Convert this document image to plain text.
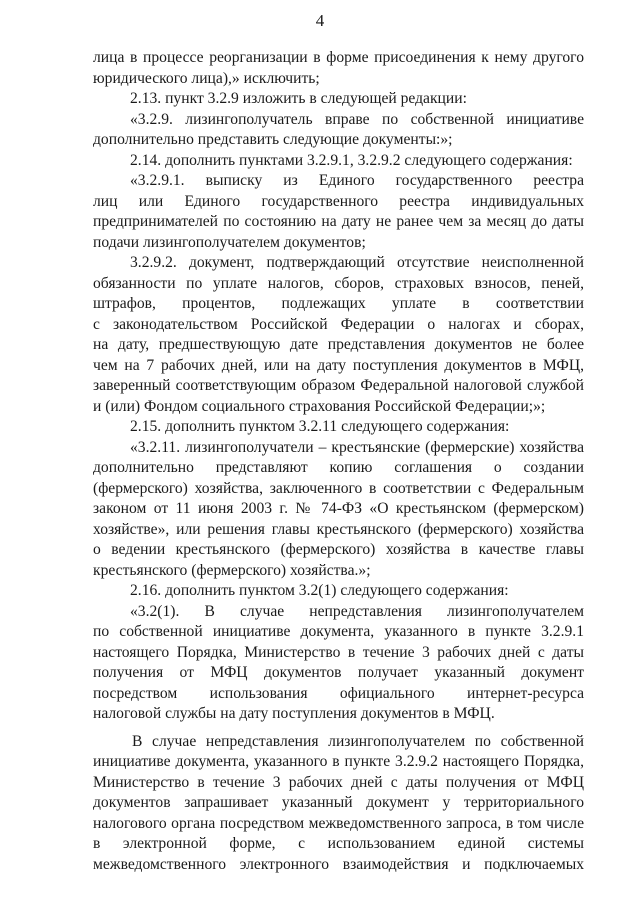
4
лица в процессе реорганизации в форме присоединения к нему другого
юридического лица),» исключить;
2.13. пункт 3.2.9 изложить в следующей редакции:
«3.2.9. лизингополучатель вправе по собственной инициативе
дополнительно представить следующие документы:»;
2.14. дополнить пунктами 3.2.9.1, 3.2.9.2 следующего содержания:
«3.2.9.1. выписку из Единого государственного реестра
лиц или Единого государственного реестра индивидуальных
предпринимателей по состоянию на дату не ранее чем за месяц до даты
подачи лизингополучателем документов;
3.2.9.2. документ, подтверждающий отсутствие неисполненной
обязанности по уплате налогов, сборов, страховых взносов, пеней,
штрафов, процентов, подлежащих уплате в соответствии
с законодательством Российской Федерации о налогах и сборах,
на дату, предшествующую дате представления документов не более
чем на 7 рабочих дней, или на дату поступления документов в МФЦ,
заверенный соответствующим образом Федеральной налоговой службой
и (или) Фондом социального страхования Российской Федерации;»;
2.15. дополнить пунктом 3.2.11 следующего содержания:
«3.2.11. лизингополучатели – крестьянские (фермерские) хозяйства
дополнительно представляют копию соглашения о создании
(фермерского) хозяйства, заключенного в соответствии с Федеральным
законом от 11 июня 2003 г. № 74-ФЗ «О крестьянском (фермерском)
хозяйстве», или решения главы крестьянского (фермерского) хозяйства
о ведении крестьянского (фермерского) хозяйства в качестве главы
крестьянского (фермерского) хозяйства.»;
2.16. дополнить пунктом 3.2(1) следующего содержания:
«3.2(1). В случае непредставления лизингополучателем
по собственной инициативе документа, указанного в пункте 3.2.9.1
настоящего Порядка, Министерство в течение 3 рабочих дней с даты
получения от МФЦ документов получает указанный документ
посредством использования официального интернет-ресурса
налоговой службы на дату поступления документов в МФЦ.
В случае непредставления лизингополучателем по собственной
инициативе документа, указанного в пункте 3.2.9.2 настоящего Порядка,
Министерство в течение 3 рабочих дней с даты получения от МФЦ
документов запрашивает указанный документ у территориального
налогового органа посредством межведомственного запроса, в том числе
в электронной форме, с использованием единой системы
межведомственного электронного взаимодействия и подключаемых
